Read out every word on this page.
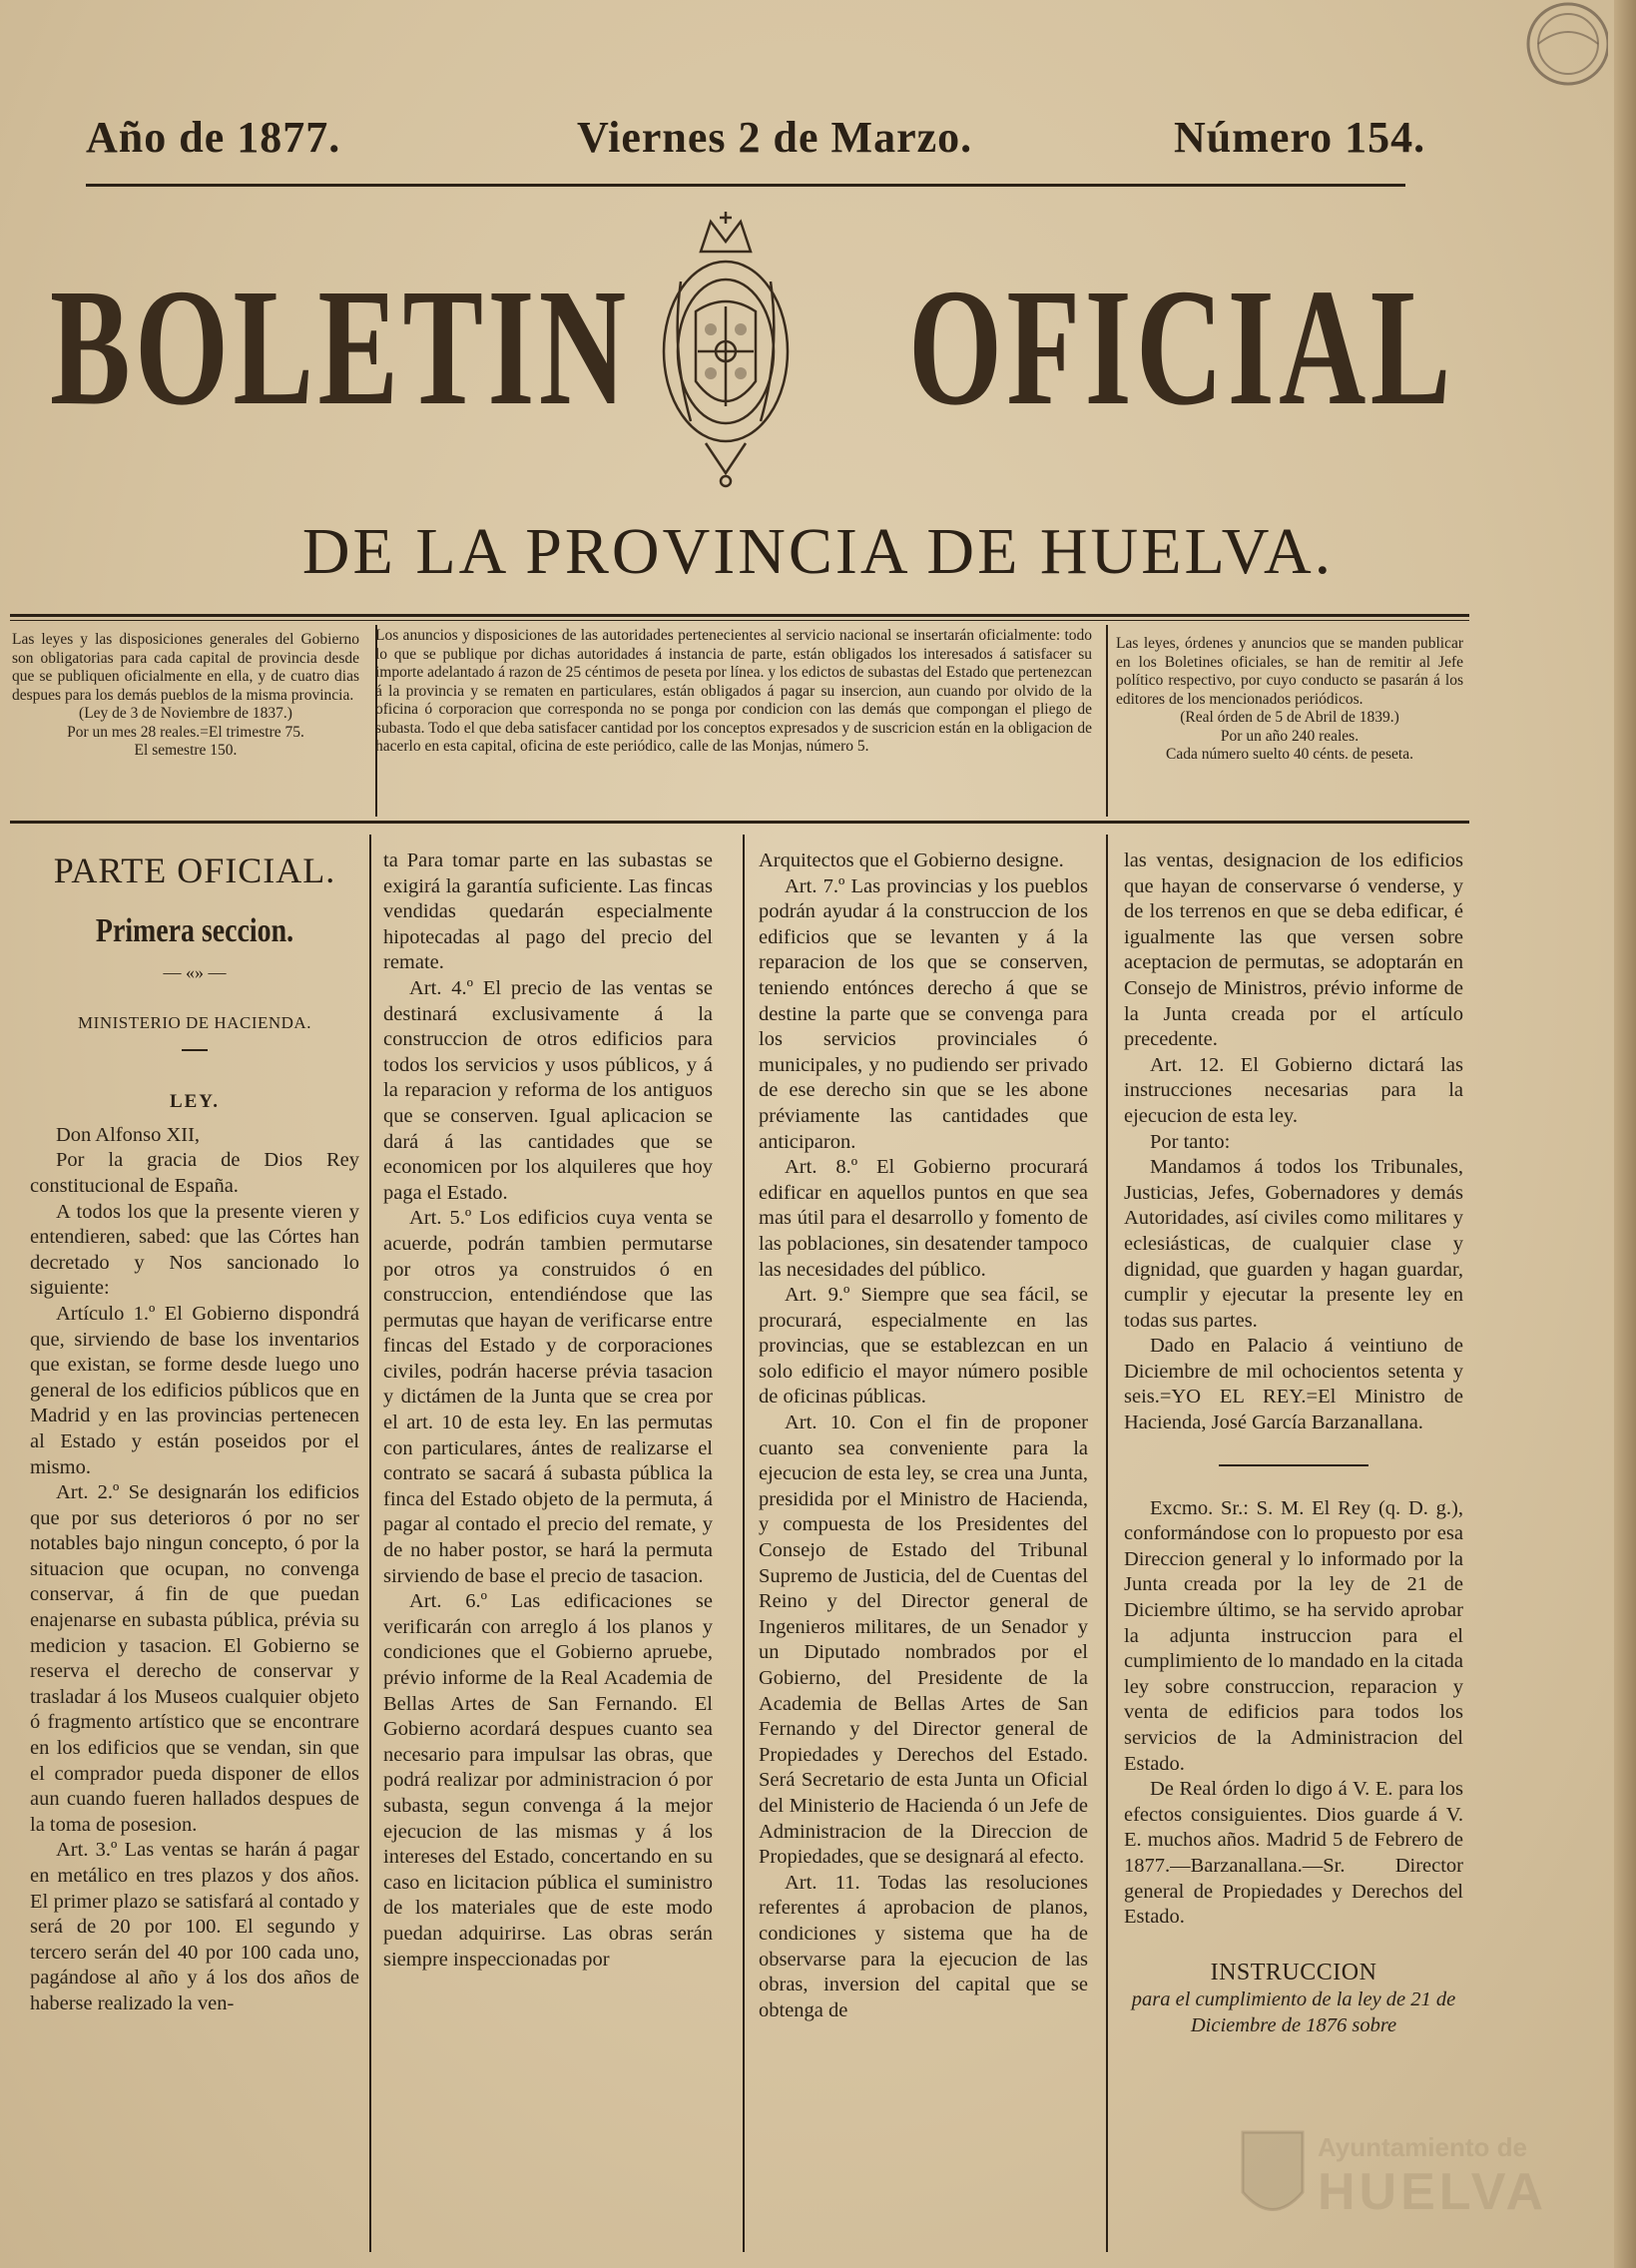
Año de 1877.	Viernes 2 de Marzo.	Número 154.
BOLETIN OFICIAL
DE LA PROVINCIA DE HUELVA.

Las leyes y las disposiciones generales del Gobierno son obligatorias para cada capital de provincia desde que se publiquen oficialmente en ella, y de cuatro dias despues para los demás pueblos de la misma provincia.

(Ley de 3 de Noviembre de 1837.)

Por un mes 28 reales.=El trimestre 75.

El semestre 150.

Los anuncios y disposiciones de las autoridades pertenecientes al servicio nacional se insertarán oficialmente: todo lo que se publique por dichas autoridades á instancia de parte, están obligados los interesados á satisfacer su importe adelantado á razon de 25 céntimos de peseta por línea. y los edictos de subastas del Estado que pertenezcan á la provincia y se rematen en particulares, están obligados á pagar su insercion, aun cuando por olvido de la oficina ó corporacion que corresponda no se ponga por condicion con las demás que compongan el pliego de subasta. Todo el que deba satisfacer cantidad por los conceptos expresados y de suscricion están en la obligacion de hacerlo en esta capital, oficina de este periódico, calle de las Monjas, número 5.

Las leyes, órdenes y anuncios que se manden publicar en los Boletines oficiales, se han de remitir al Jefe político respectivo, por cuyo conducto se pasarán á los editores de los mencionados periódicos.

(Real órden de 5 de Abril de 1839.)

Por un año 240 reales.

Cada número suelto 40 cénts. de peseta.

PARTE OFICIAL.
Primera seccion.
— «» —
MINISTERIO DE HACIENDA.
LEY.

Don Alfonso XII,

Por la gracia de Dios Rey constitucional de España.

A todos los que la presente vieren y entendieren, sabed: que las Córtes han decretado y Nos sancionado lo siguiente:

Artículo 1.º El Gobierno dispondrá que, sirviendo de base los inventarios que existan, se forme desde luego uno general de los edificios públicos que en Madrid y en las provincias pertenecen al Estado y están poseidos por el mismo.

Art. 2.º Se designarán los edificios que por sus deterioros ó por no ser notables bajo ningun concepto, ó por la situacion que ocupan, no convenga conservar, á fin de que puedan enajenarse en subasta pública, prévia su medicion y tasacion. El Gobierno se reserva el derecho de conservar y trasladar á los Museos cualquier objeto ó fragmento artístico que se encontrare en los edificios que se vendan, sin que el comprador pueda disponer de ellos aun cuando fueren hallados despues de la toma de posesion.

Art. 3.º Las ventas se harán á pagar en metálico en tres plazos y dos años. El primer plazo se satisfará al contado y será de 20 por 100. El segundo y tercero serán del 40 por 100 cada uno, pagándose al año y á los dos años de haberse realizado la ven-

ta Para tomar parte en las subastas se exigirá la garantía suficiente. Las fincas vendidas quedarán especialmente hipotecadas al pago del precio del remate.

Art. 4.º El precio de las ventas se destinará exclusivamente á la construccion de otros edificios para todos los servicios y usos públicos, y á la reparacion y reforma de los antiguos que se conserven. Igual aplicacion se dará á las cantidades que se economicen por los alquileres que hoy paga el Estado.

Art. 5.º Los edificios cuya venta se acuerde, podrán tambien permutarse por otros ya construidos ó en construccion, entendiéndose que las permutas que hayan de verificarse entre fincas del Estado y de corporaciones civiles, podrán hacerse prévia tasacion y dictámen de la Junta que se crea por el art. 10 de esta ley. En las permutas con particulares, ántes de realizarse el contrato se sacará á subasta pública la finca del Estado objeto de la permuta, á pagar al contado el precio del remate, y de no haber postor, se hará la permuta sirviendo de base el precio de tasacion.

Art. 6.º Las edificaciones se verificarán con arreglo á los planos y condiciones que el Gobierno apruebe, prévio informe de la Real Academia de Bellas Artes de San Fernando. El Gobierno acordará despues cuanto sea necesario para impulsar las obras, que podrá realizar por administracion ó por subasta, segun convenga á la mejor ejecucion de las mismas y á los intereses del Estado, concertando en su caso en licitacion pública el suministro de los materiales que de este modo puedan adquirirse. Las obras serán siempre inspeccionadas por

Arquitectos que el Gobierno designe.

Art. 7.º Las provincias y los pueblos podrán ayudar á la construccion de los edificios que se levanten y á la reparacion de los que se conserven, teniendo entónces derecho á que se destine la parte que se convenga para los servicios provinciales ó municipales, y no pudiendo ser privado de ese derecho sin que se les abone préviamente las cantidades que anticiparon.

Art. 8.º El Gobierno procurará edificar en aquellos puntos en que sea mas útil para el desarrollo y fomento de las poblaciones, sin desatender tampoco las necesidades del público.

Art. 9.º Siempre que sea fácil, se procurará, especialmente en las provincias, que se establezcan en un solo edificio el mayor número posible de oficinas públicas.

Art. 10. Con el fin de proponer cuanto sea conveniente para la ejecucion de esta ley, se crea una Junta, presidida por el Ministro de Hacienda, y compuesta de los Presidentes del Consejo de Estado del Tribunal Supremo de Justicia, del de Cuentas del Reino y del Director general de Ingenieros militares, de un Senador y un Diputado nombrados por el Gobierno, del Presidente de la Academia de Bellas Artes de San Fernando y del Director general de Propiedades y Derechos del Estado. Será Secretario de esta Junta un Oficial del Ministerio de Hacienda ó un Jefe de Administracion de la Direccion de Propiedades, que se designará al efecto.

Art. 11. Todas las resoluciones referentes á aprobacion de planos, condiciones y sistema que ha de observarse para la ejecucion de las obras, inversion del capital que se obtenga de

las ventas, designacion de los edificios que hayan de conservarse ó venderse, y de los terrenos en que se deba edificar, é igualmente las que versen sobre aceptacion de permutas, se adoptarán en Consejo de Ministros, prévio informe de la Junta creada por el artículo precedente.

Art. 12. El Gobierno dictará las instrucciones necesarias para la ejecucion de esta ley.

Por tanto:

Mandamos á todos los Tribunales, Justicias, Jefes, Gobernadores y demás Autoridades, así civiles como militares y eclesiásticas, de cualquier clase y dignidad, que guarden y hagan guardar, cumplir y ejecutar la presente ley en todas sus partes.

Dado en Palacio á veintiuno de Diciembre de mil ochocientos setenta y seis.=YO EL REY.=El Ministro de Hacienda, José García Barzanallana.

Excmo. Sr.: S. M. El Rey (q. D. g.), conformándose con lo propuesto por esa Direccion general y lo informado por la Junta creada por la ley de 21 de Diciembre último, se ha servido aprobar la adjunta instruccion para el cumplimiento de lo mandado en la citada ley sobre construccion, reparacion y venta de edificios para todos los servicios de la Administracion del Estado.

De Real órden lo digo á V. E. para los efectos consiguientes. Dios guarde á V. E. muchos años. Madrid 5 de Febrero de 1877.—Barzanallana.—Sr. Director general de Propiedades y Derechos del Estado.

INSTRUCCION

para el cumplimiento de la ley de 21 de Diciembre de 1876 sobre

Ayuntamiento de
HUELVA
